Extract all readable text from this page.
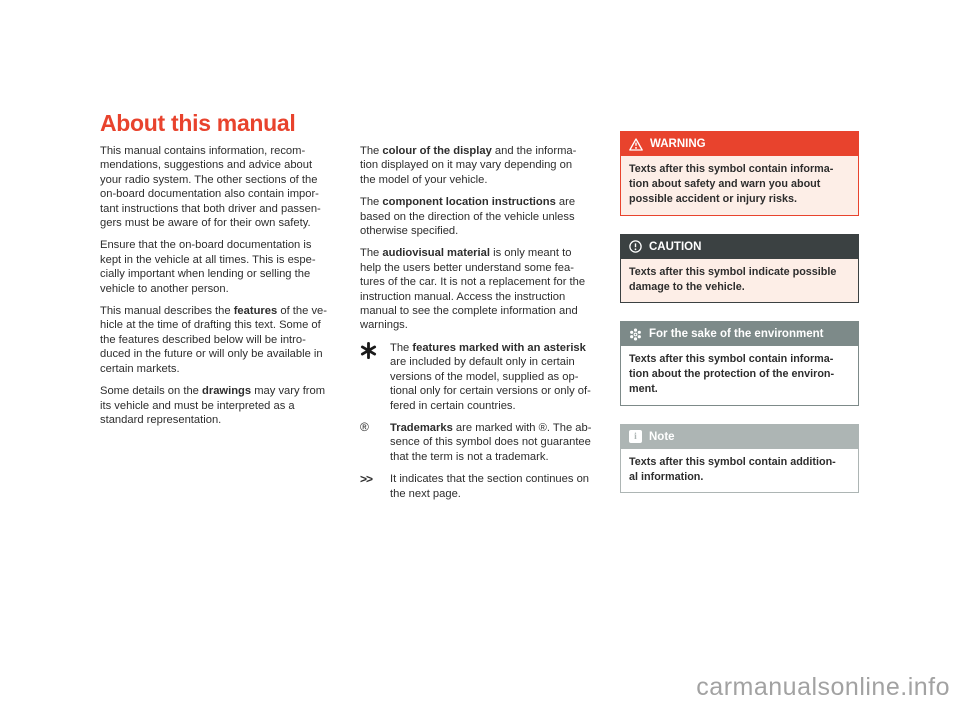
About this manual

This manual contains information, recom-
mendations, suggestions and advice about
your radio system. The other sections of the
on-board documentation also contain impor-
tant instructions that both driver and passen-
gers must be aware of for their own safety.

Ensure that the on-board documentation is
kept in the vehicle at all times. This is espe-
cially important when lending or selling the
vehicle to another person.

This manual describes the features of the ve-
hicle at the time of drafting this text. Some of
the features described below will be intro-
duced in the future or will only be available in
certain markets.

Some details on the drawings may vary from
its vehicle and must be interpreted as a
standard representation.

The colour of the display and the informa-
tion displayed on it may vary depending on
the model of your vehicle.

The component location instructions are
based on the direction of the vehicle unless
otherwise specified.

The audiovisual material is only meant to
help the users better understand some fea-
tures of the car. It is not a replacement for the
instruction manual. Access the instruction
manual to see the complete information and
warnings.

The features marked with an asterisk
are included by default only in certain
versions of the model, supplied as op-
tional only for certain versions or only of-
fered in certain countries.
®	Trademarks are marked with ®. The ab-
sence of this symbol does not guarantee
that the term is not a trademark.
>>	It indicates that the section continues on
the next page.
WARNING
Texts after this symbol contain informa-
tion about safety and warn you about
possible accident or injury risks.
CAUTION
Texts after this symbol indicate possible
damage to the vehicle.
For the sake of the environment
Texts after this symbol contain informa-
tion about the protection of the environ-
ment.
i	Note
Texts after this symbol contain addition-
al information.
carmanualsonline.info
